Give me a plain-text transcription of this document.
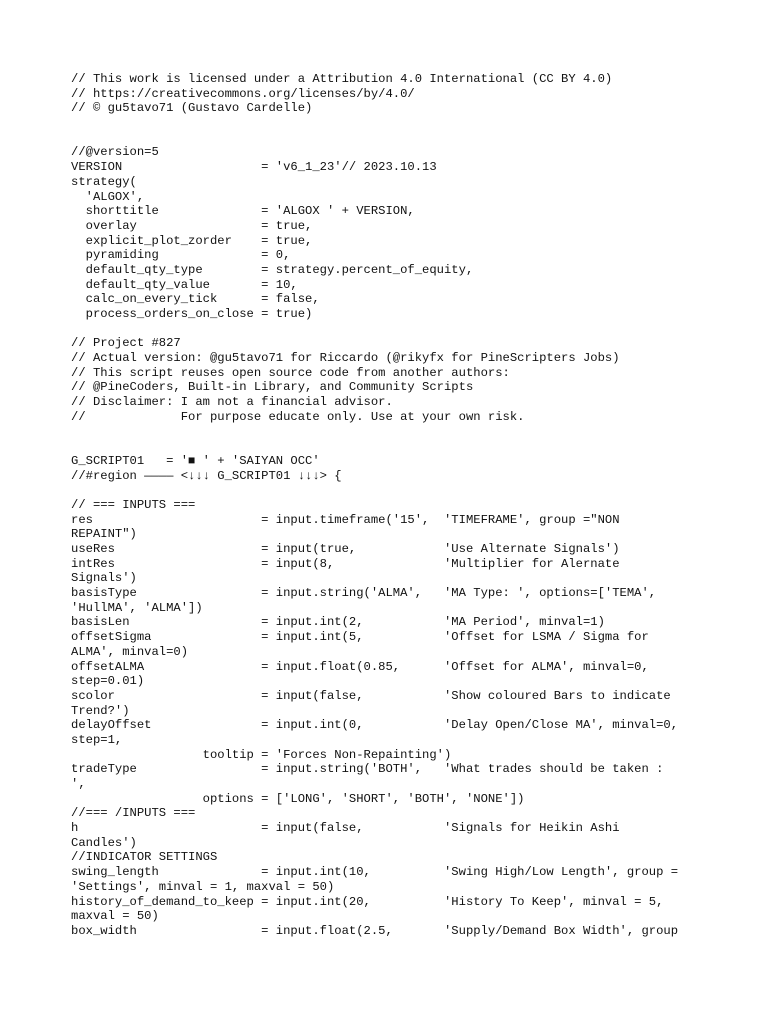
// This work is licensed under a Attribution 4.0 International (CC BY 4.0)
// https://creativecommons.org/licenses/by/4.0/
// © gu5tavo71 (Gustavo Cardelle)
//@version=5
VERSION                   = 'v6_1_23'// 2023.10.13
strategy(
'ALGOX',
shorttitle              = 'ALGOX ' + VERSION,
overlay                 = true,
explicit_plot_zorder    = true,
pyramiding              = 0,
default_qty_type        = strategy.percent_of_equity,
default_qty_value       = 10,
calc_on_every_tick      = false,
process_orders_on_close = true)
// Project #827
// Actual version: @gu5tavo71 for Riccardo (@rikyfx for PineScripters Jobs)
// This script reuses open source code from another authors:
// @PineCoders, Built-in Library, and Community Scripts
// Disclaimer: I am not a financial advisor.
//             For purpose educate only. Use at your own risk.
G_SCRIPT01   = '■ ' + 'SAIYAN OCC'
//#region ———— <↓↓↓ G_SCRIPT01 ↓↓↓> {
// === INPUTS ===
res                       = input.timeframe('15',  'TIMEFRAME', group ="NON
REPAINT")
useRes                    = input(true,            'Use Alternate Signals')
intRes                    = input(8,               'Multiplier for Alernate
Signals')
basisType                 = input.string('ALMA',   'MA Type: ', options=['TEMA',
'HullMA', 'ALMA'])
basisLen                  = input.int(2,           'MA Period', minval=1)
offsetSigma               = input.int(5,           'Offset for LSMA / Sigma for
ALMA', minval=0)
offsetALMA                = input.float(0.85,      'Offset for ALMA', minval=0,
step=0.01)
scolor                    = input(false,           'Show coloured Bars to indicate
Trend?')
delayOffset               = input.int(0,           'Delay Open/Close MA', minval=0,
step=1,
tooltip = 'Forces Non-Repainting')
tradeType                 = input.string('BOTH',   'What trades should be taken :
',
options = ['LONG', 'SHORT', 'BOTH', 'NONE'])
//=== /INPUTS ===
h                         = input(false,           'Signals for Heikin Ashi
Candles')
//INDICATOR SETTINGS
swing_length              = input.int(10,          'Swing High/Low Length', group =
'Settings', minval = 1, maxval = 50)
history_of_demand_to_keep = input.int(20,          'History To Keep', minval = 5,
maxval = 50)
box_width                 = input.float(2.5,       'Supply/Demand Box Width', group
